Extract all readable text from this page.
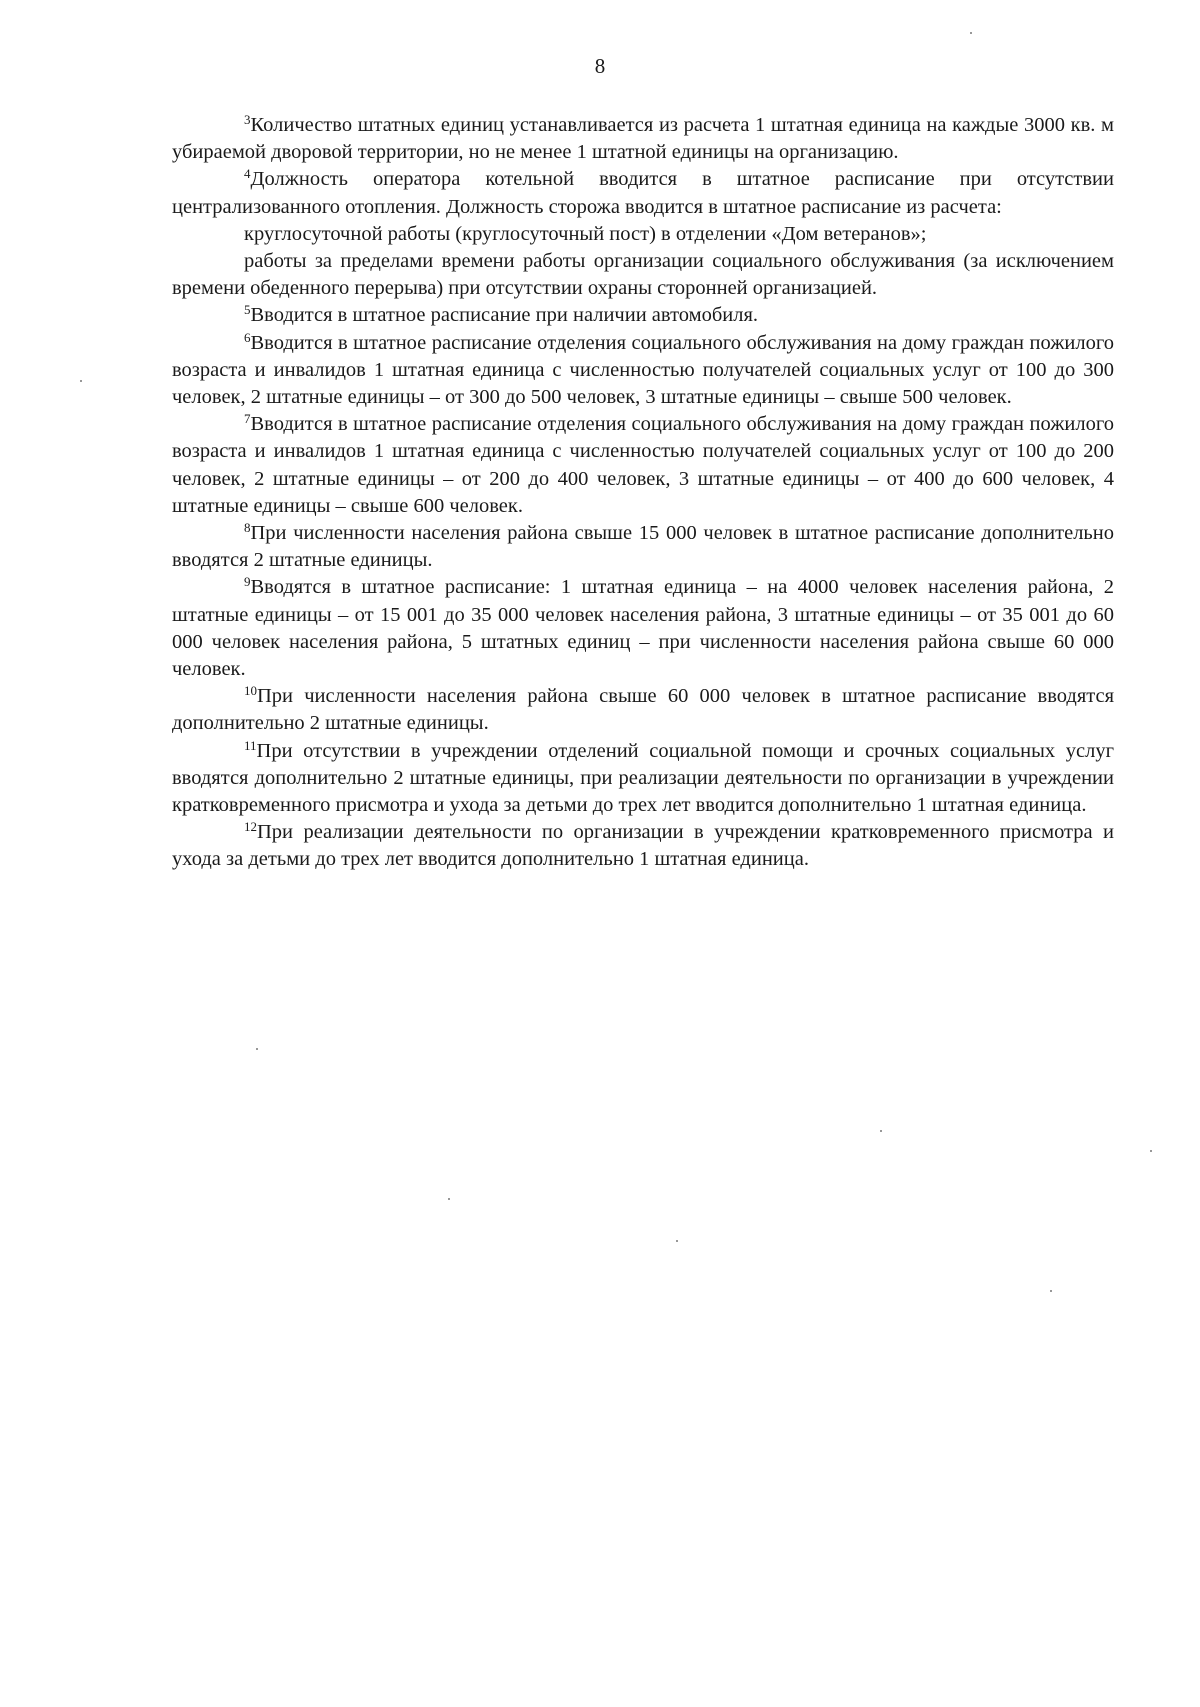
8

$^3$Количество штатных единиц устанавливается из расчета 1 штатная единица на каждые 3000 кв. м убираемой дворовой территории, но не менее 1 штатной единицы на организацию.

$^4$Должность оператора котельной вводится в штатное расписание при отсутствии централизованного отопления. Должность сторожа вводится в штатное расписание из расчета:

круглосуточной работы (круглосуточный пост) в отделении «Дом ветеранов»;

работы за пределами времени работы организации социального обслуживания (за исключением времени обеденного перерыва) при отсутствии охраны сторонней организацией.

$^5$Вводится в штатное расписание при наличии автомобиля.

$^6$Вводится в штатное расписание отделения социального обслуживания на дому граждан пожилого возраста и инвалидов 1 штатная единица с численностью получателей социальных услуг от 100 до 300 человек, 2 штатные единицы – от 300 до 500 человек, 3 штатные единицы – свыше 500 человек.

$^7$Вводится в штатное расписание отделения социального обслуживания на дому граждан пожилого возраста и инвалидов 1 штатная единица с численностью получателей социальных услуг от 100 до 200 человек, 2 штатные единицы – от 200 до 400 человек, 3 штатные единицы – от 400 до 600 человек, 4 штатные единицы – свыше 600 человек.

$^8$При численности населения района свыше 15 000 человек в штатное расписание дополнительно вводятся 2 штатные единицы.

$^9$Вводятся в штатное расписание: 1 штатная единица – на 4000 человек населения района, 2 штатные единицы – от 15 001 до 35 000 человек населения района, 3 штатные единицы – от 35 001 до 60 000 человек населения района, 5 штатных единиц – при численности населения района свыше 60 000 человек.

$^{10}$При численности населения района свыше 60 000 человек в штатное расписание вводятся дополнительно 2 штатные единицы.

$^{11}$При отсутствии в учреждении отделений социальной помощи и срочных социальных услуг вводятся дополнительно 2 штатные единицы, при реализации деятельности по организации в учреждении кратковременного присмотра и ухода за детьми до трех лет вводится дополнительно 1 штатная единица.

$^{12}$При реализации деятельности по организации в учреждении кратковременного присмотра и ухода за детьми до трех лет вводится дополнительно 1 штатная единица.
